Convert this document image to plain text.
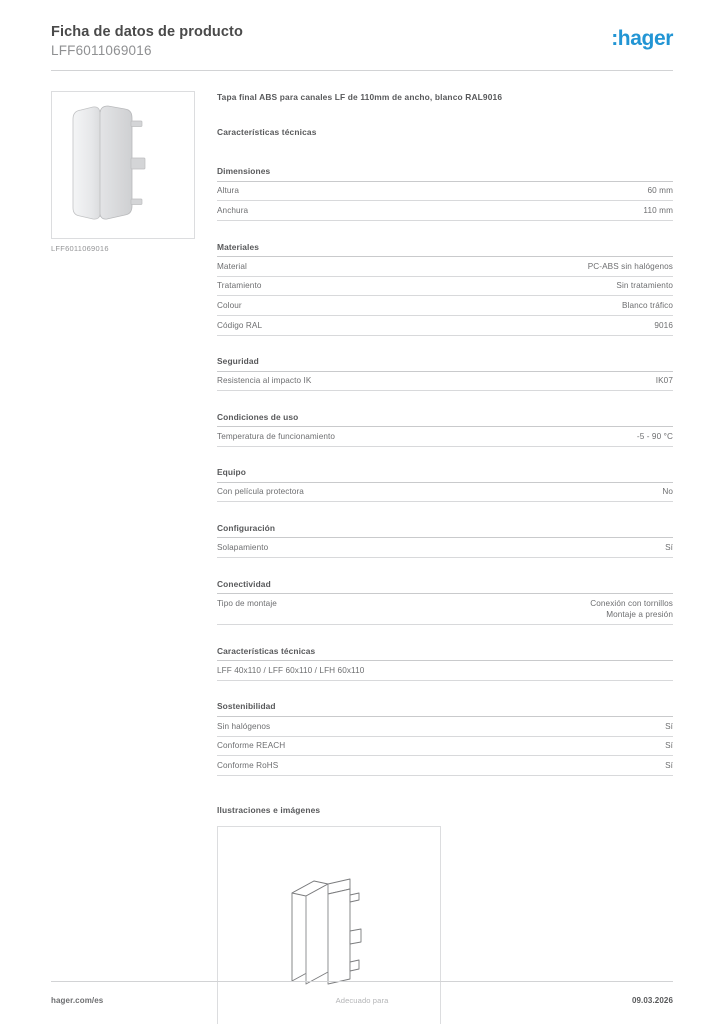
Ficha de datos de producto
LFF6011069016
:hager
LFF6011069016

Tapa final ABS para canales LF de 110mm de ancho, blanco RAL9016

Características técnicas
Dimensiones
Altura	60 mm

Anchura	110 mm
Materiales
Material	PC-ABS sin halógenos

Tratamiento	Sin tratamiento

Colour	Blanco tráfico

Código RAL	9016
Seguridad
Resistencia al impacto IK	IK07
Condiciones de uso
Temperatura de funcionamiento	-5 - 90 °C
Equipo
Con película protectora	No
Configuración
Solapamiento	Sí
Conectividad
Tipo de montaje	Conexión con tornillos
Montaje a presión
Características técnicas
LFF 40x110 / LFF 60x110 / LFH 60x110
Sostenibilidad
Sin halógenos	Sí

Conforme REACH	Sí

Conforme RoHS	Sí
Ilustraciones e imágenes
hager.com/es	Adecuado para	09.03.2026
